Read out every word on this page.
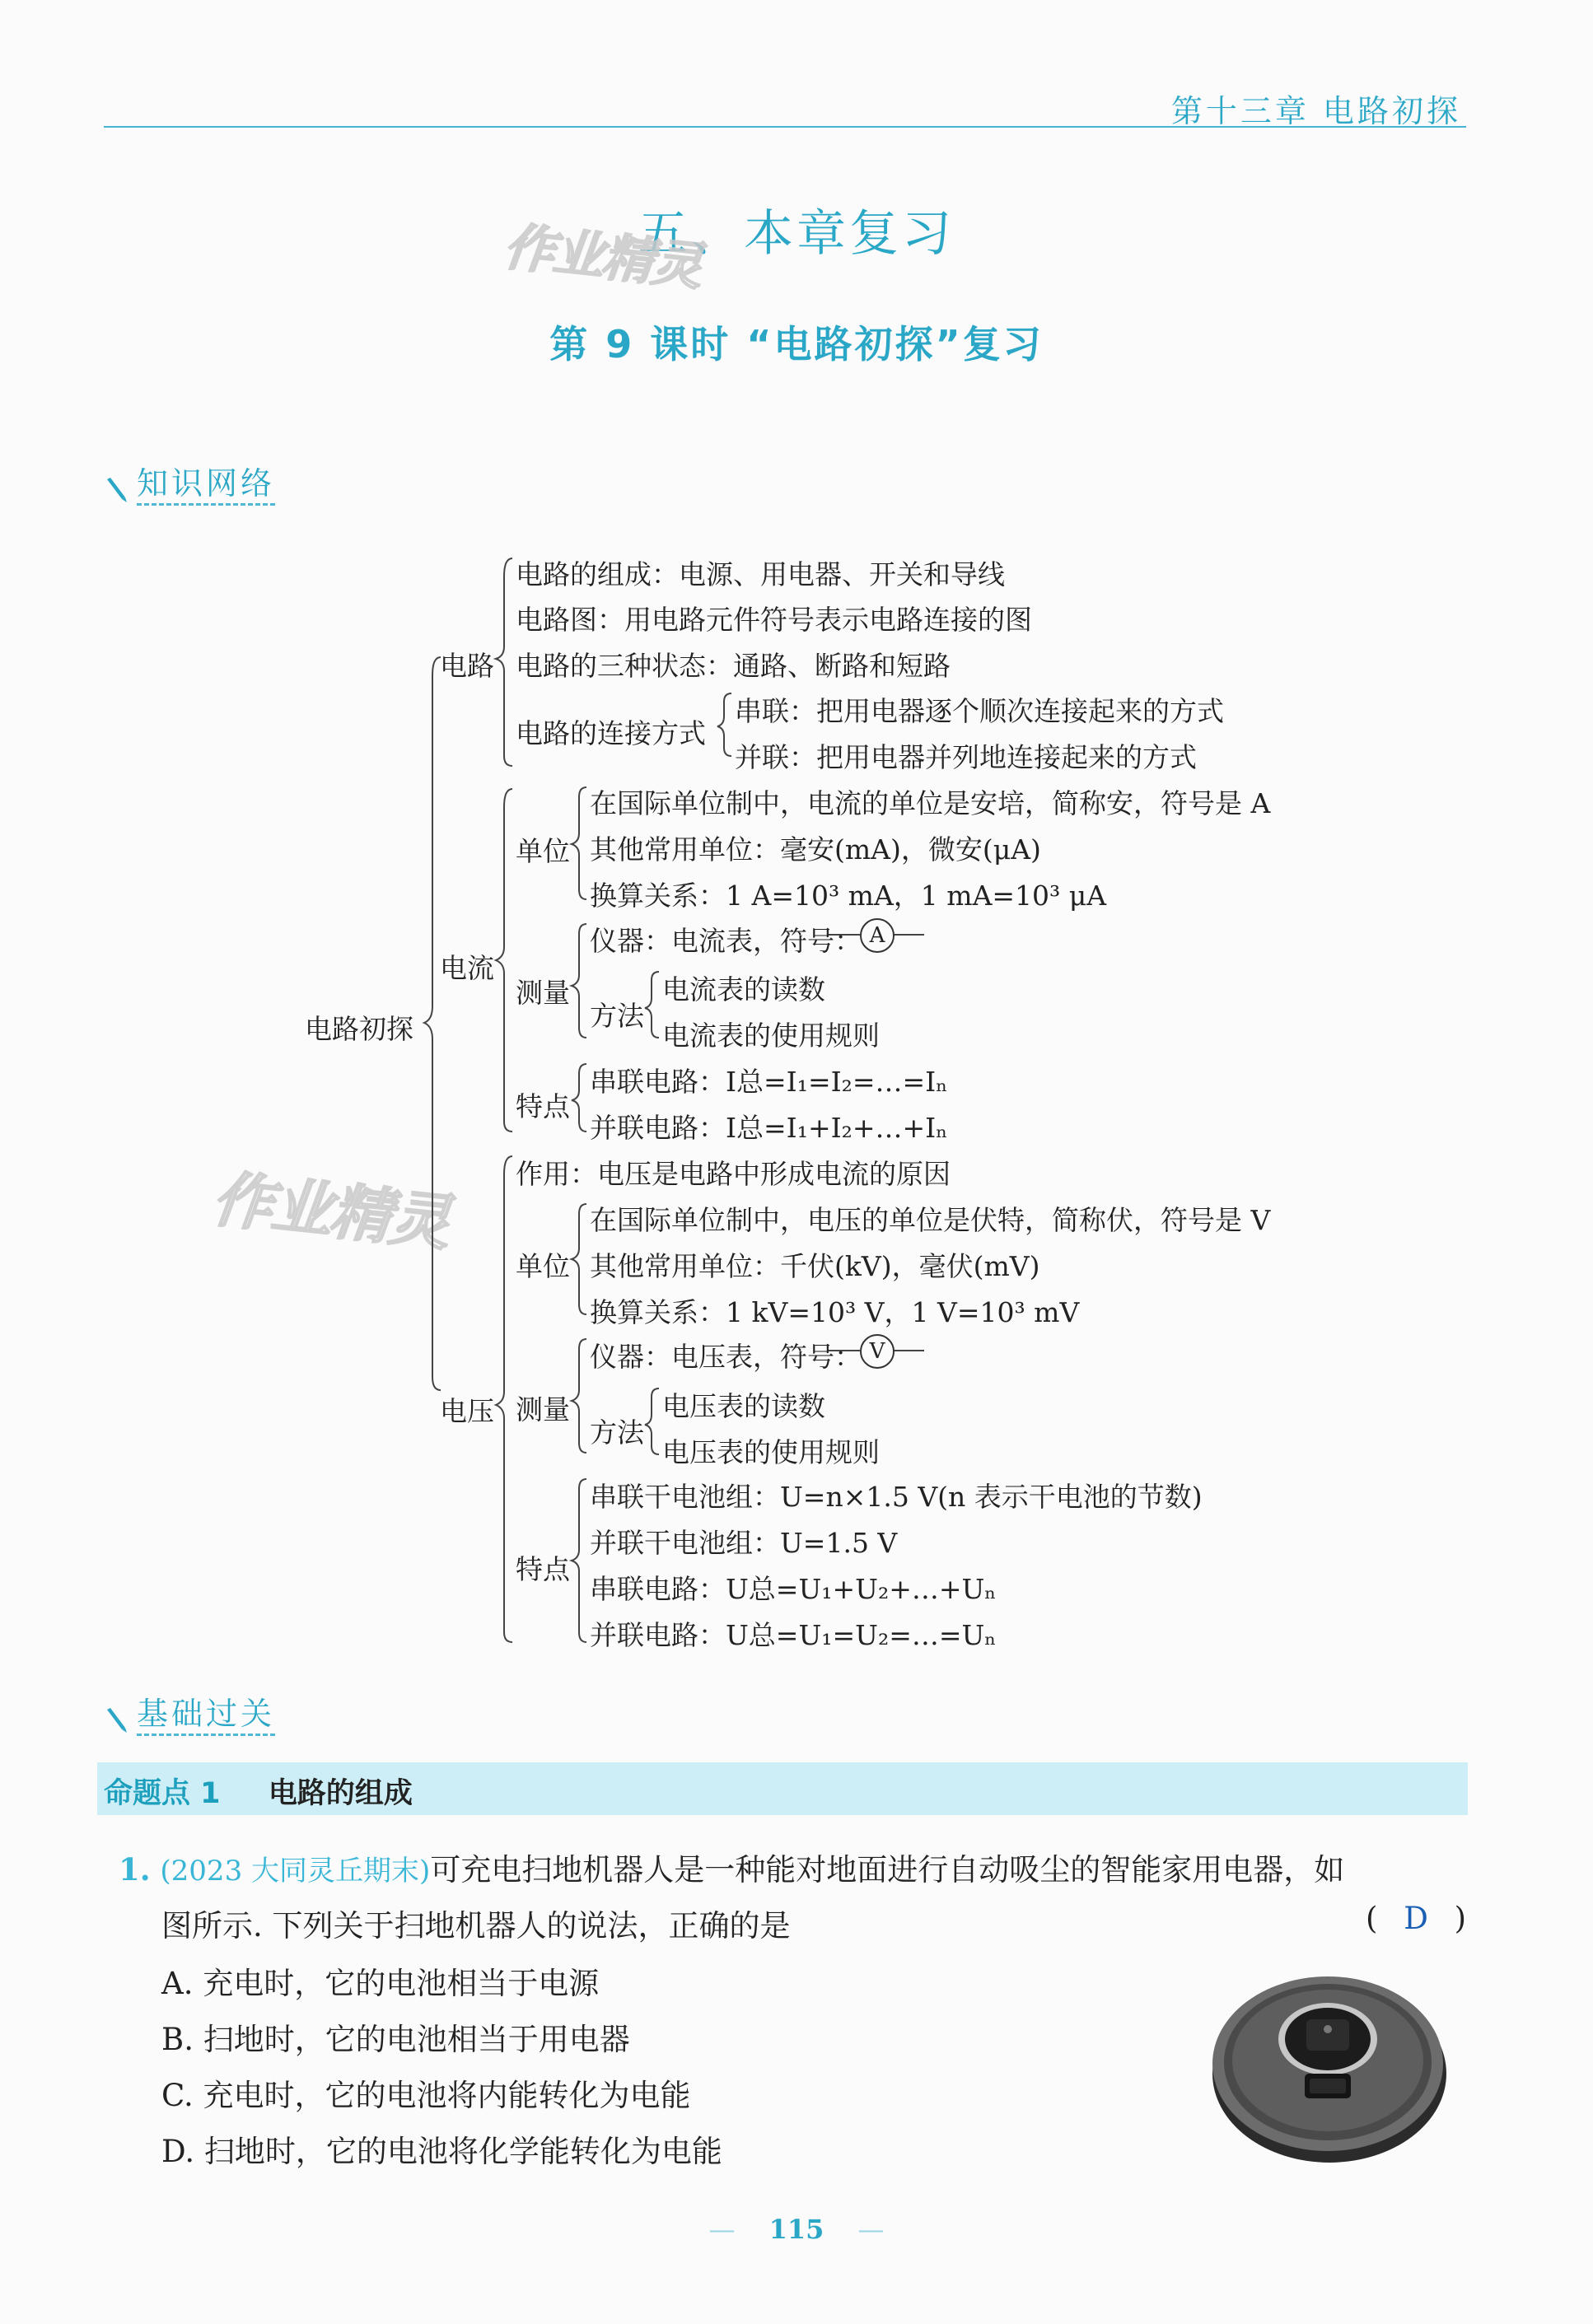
第十三章 电路初探
五、本章复习
第 9 课时 “电路初探”复习
作业精灵
作业精灵
知识网络
A
V
电路初探
电路
电路的组成：电源、用电器、开关和导线
电路图：用电路元件符号表示电路连接的图
电路的三种状态：通路、断路和短路
电路的连接方式
串联：把用电器逐个顺次连接起来的方式
并联：把用电器并列地连接起来的方式
电流
单位
在国际单位制中，电流的单位是安培，简称安，符号是 A
其他常用单位：毫安(mA)，微安(μA)
换算关系：1 A=10³ mA，1 mA=10³ μA
测量
仪器：电流表，符号：
方法
电流表的读数
电流表的使用规则
特点
串联电路：I总=I₁=I₂=…=Iₙ
并联电路：I总=I₁+I₂+…+Iₙ
电压
作用：电压是电路中形成电流的原因
单位
在国际单位制中，电压的单位是伏特，简称伏，符号是 V
其他常用单位：千伏(kV)，毫伏(mV)
换算关系：1 kV=10³ V，1 V=10³ mV
测量
仪器：电压表，符号：
方法
电压表的读数
电压表的使用规则
特点
串联干电池组：U=n×1.5 V(n 表示干电池的节数)
并联干电池组：U=1.5 V
串联电路：U总=U₁+U₂+…+Uₙ
并联电路：U总=U₁=U₂=…=Uₙ
基础过关
命题点 1 电路的组成
1. (2023 大同灵丘期末)可充电扫地机器人是一种能对地面进行自动吸尘的智能家用电器，如
图所示. 下列关于扫地机器人的说法，正确的是	( D )
A. 充电时，它的电池相当于电源
B. 扫地时，它的电池相当于用电器
C. 充电时，它的电池将内能转化为电能
D. 扫地时，它的电池将化学能转化为电能
— 115 —
